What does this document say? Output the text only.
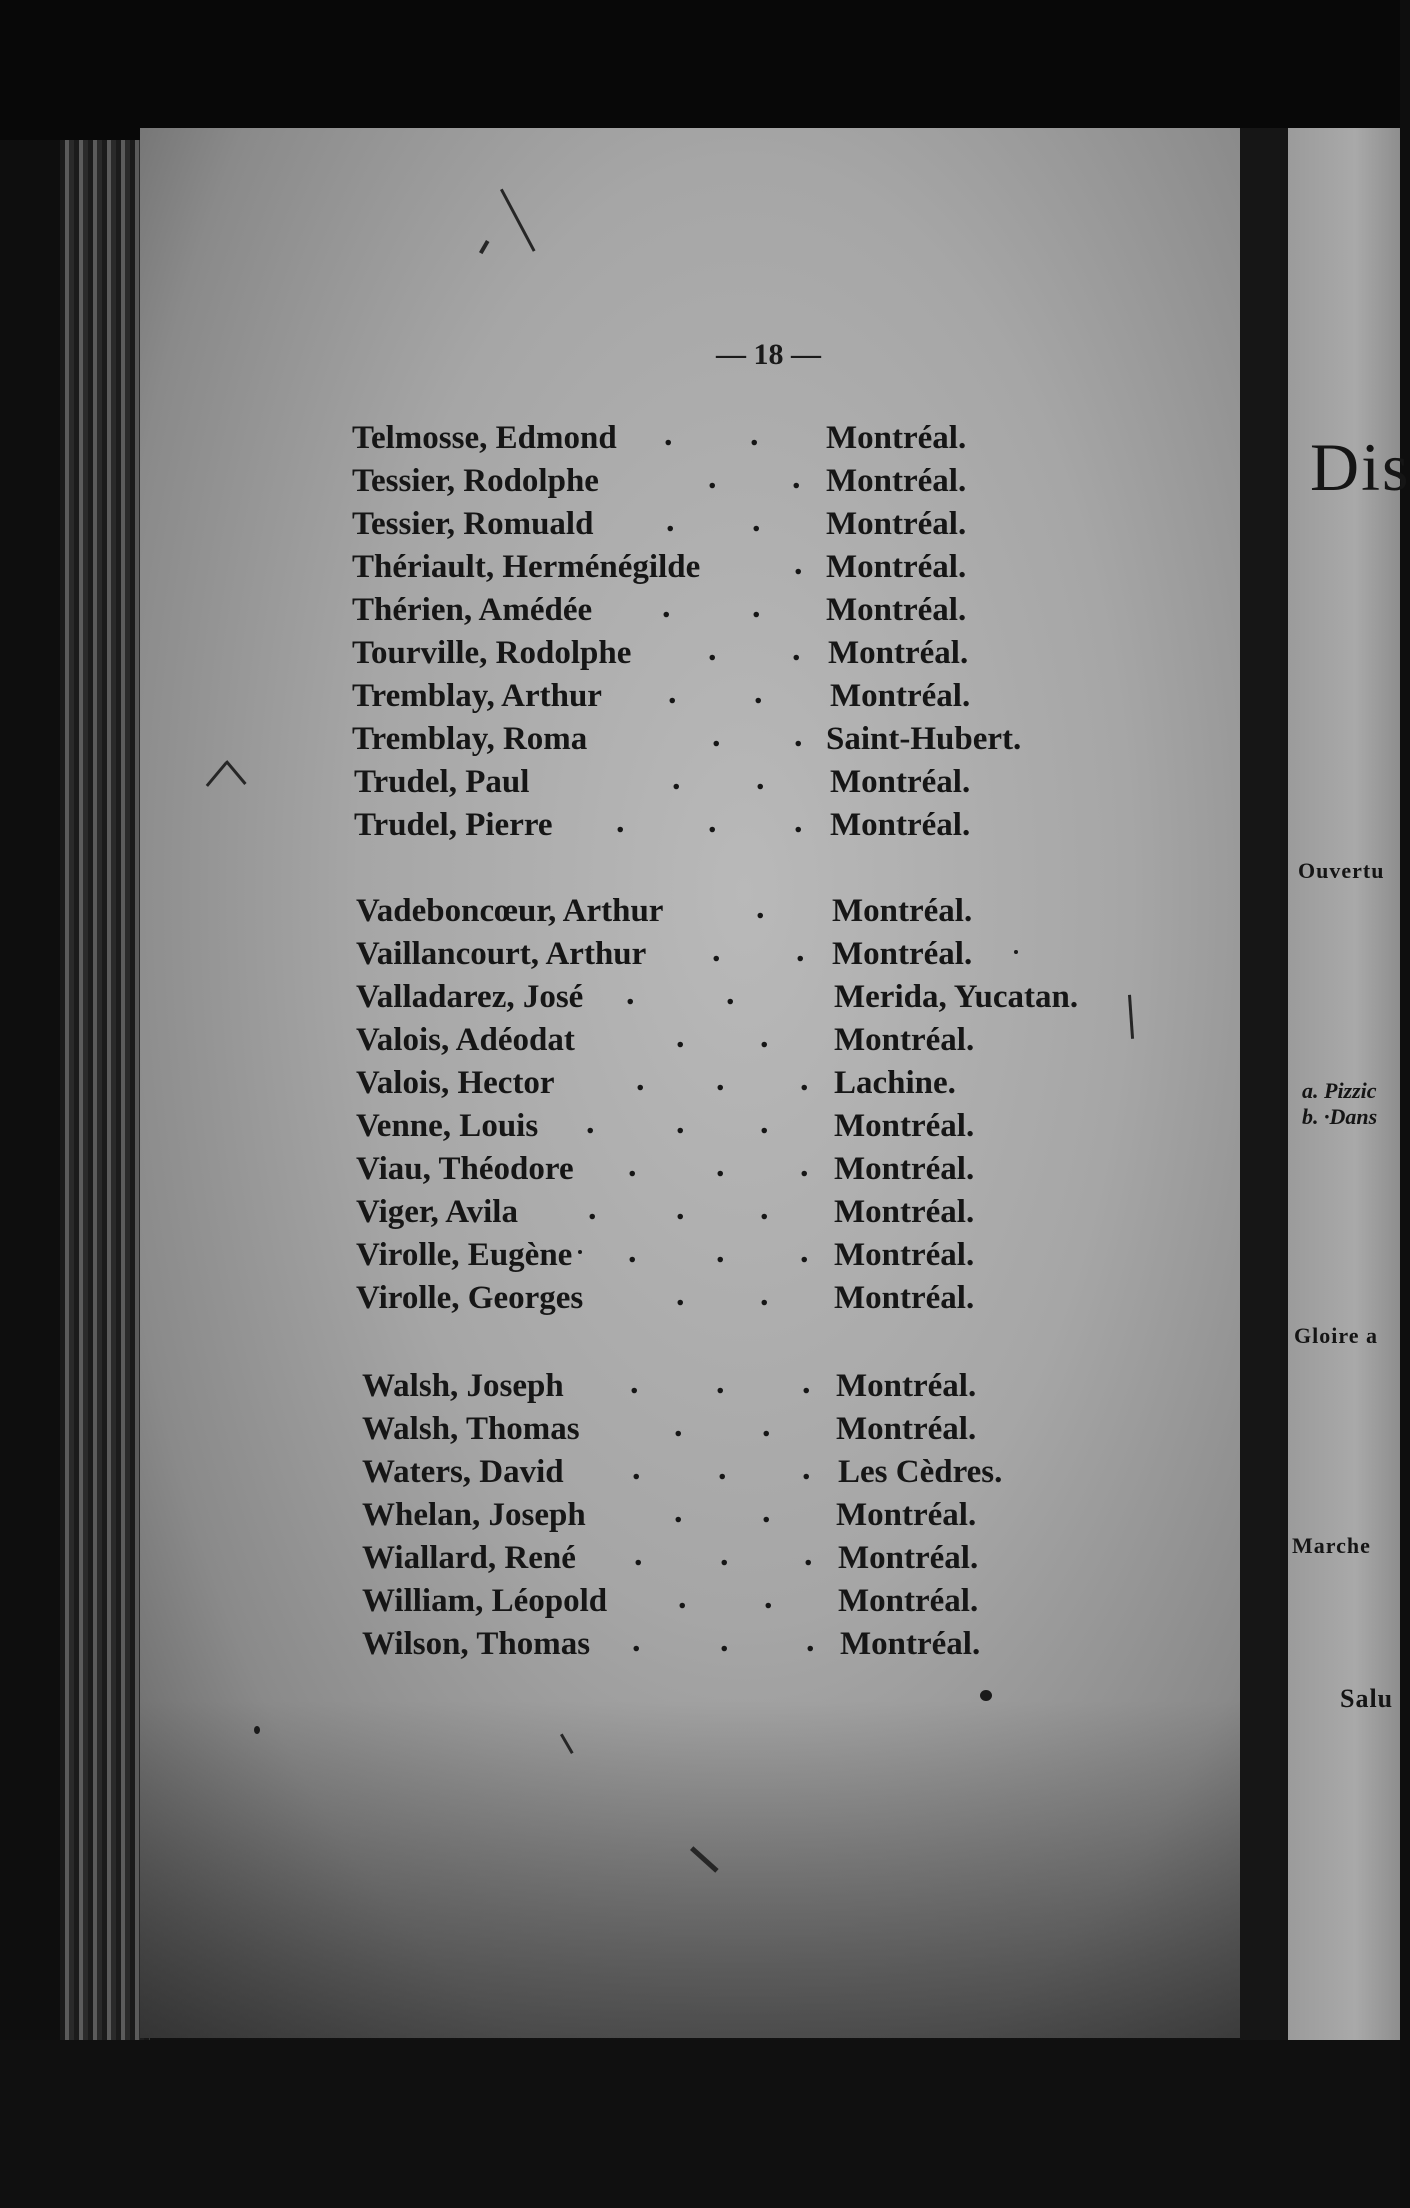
Dis
Ouvertu
a. Pizzic
b. ·Dans
Gloire a
Marche
Salu
— 18 —
Telmosse, Edmond . . Montréal.
Tessier, Rodolphe	. . Montréal.
Tessier, Romuald . . Montréal.
Thériault, Herménégilde	. Montréal.
Thérien, Amédée . . Montréal.
Tourville, Rodolphe . . Montréal.
Tremblay, Arthur . . Montréal.
Tremblay, Roma	. . Saint-Hubert.
Trudel, Paul	. . Montréal.
Trudel, Pierre . . . Montréal.
Vadeboncœur, Arthur	. Montréal.
Vaillancourt, Arthur . . Montréal.
Valladarez, José .	.	Merida, Yucatan.
Valois, Adéodat	. . Montréal.
Valois, Hector . . . Lachine.
Venne, Louis . . . Montréal.
Viau, Théodore . . . Montréal.
Viger, Avila . . . Montréal.
Virolle, Eugène . . . Montréal.
Virolle, Georges	. . Montréal.
Walsh, Joseph . . . Montréal.
Walsh, Thomas	. . Montréal.
Waters, David . . . Les Cèdres.
Whelan, Joseph	. . Montréal.
Wiallard, René . . . Montréal.
William, Léopold . . Montréal.
Wilson, Thomas . . . Montréal.
